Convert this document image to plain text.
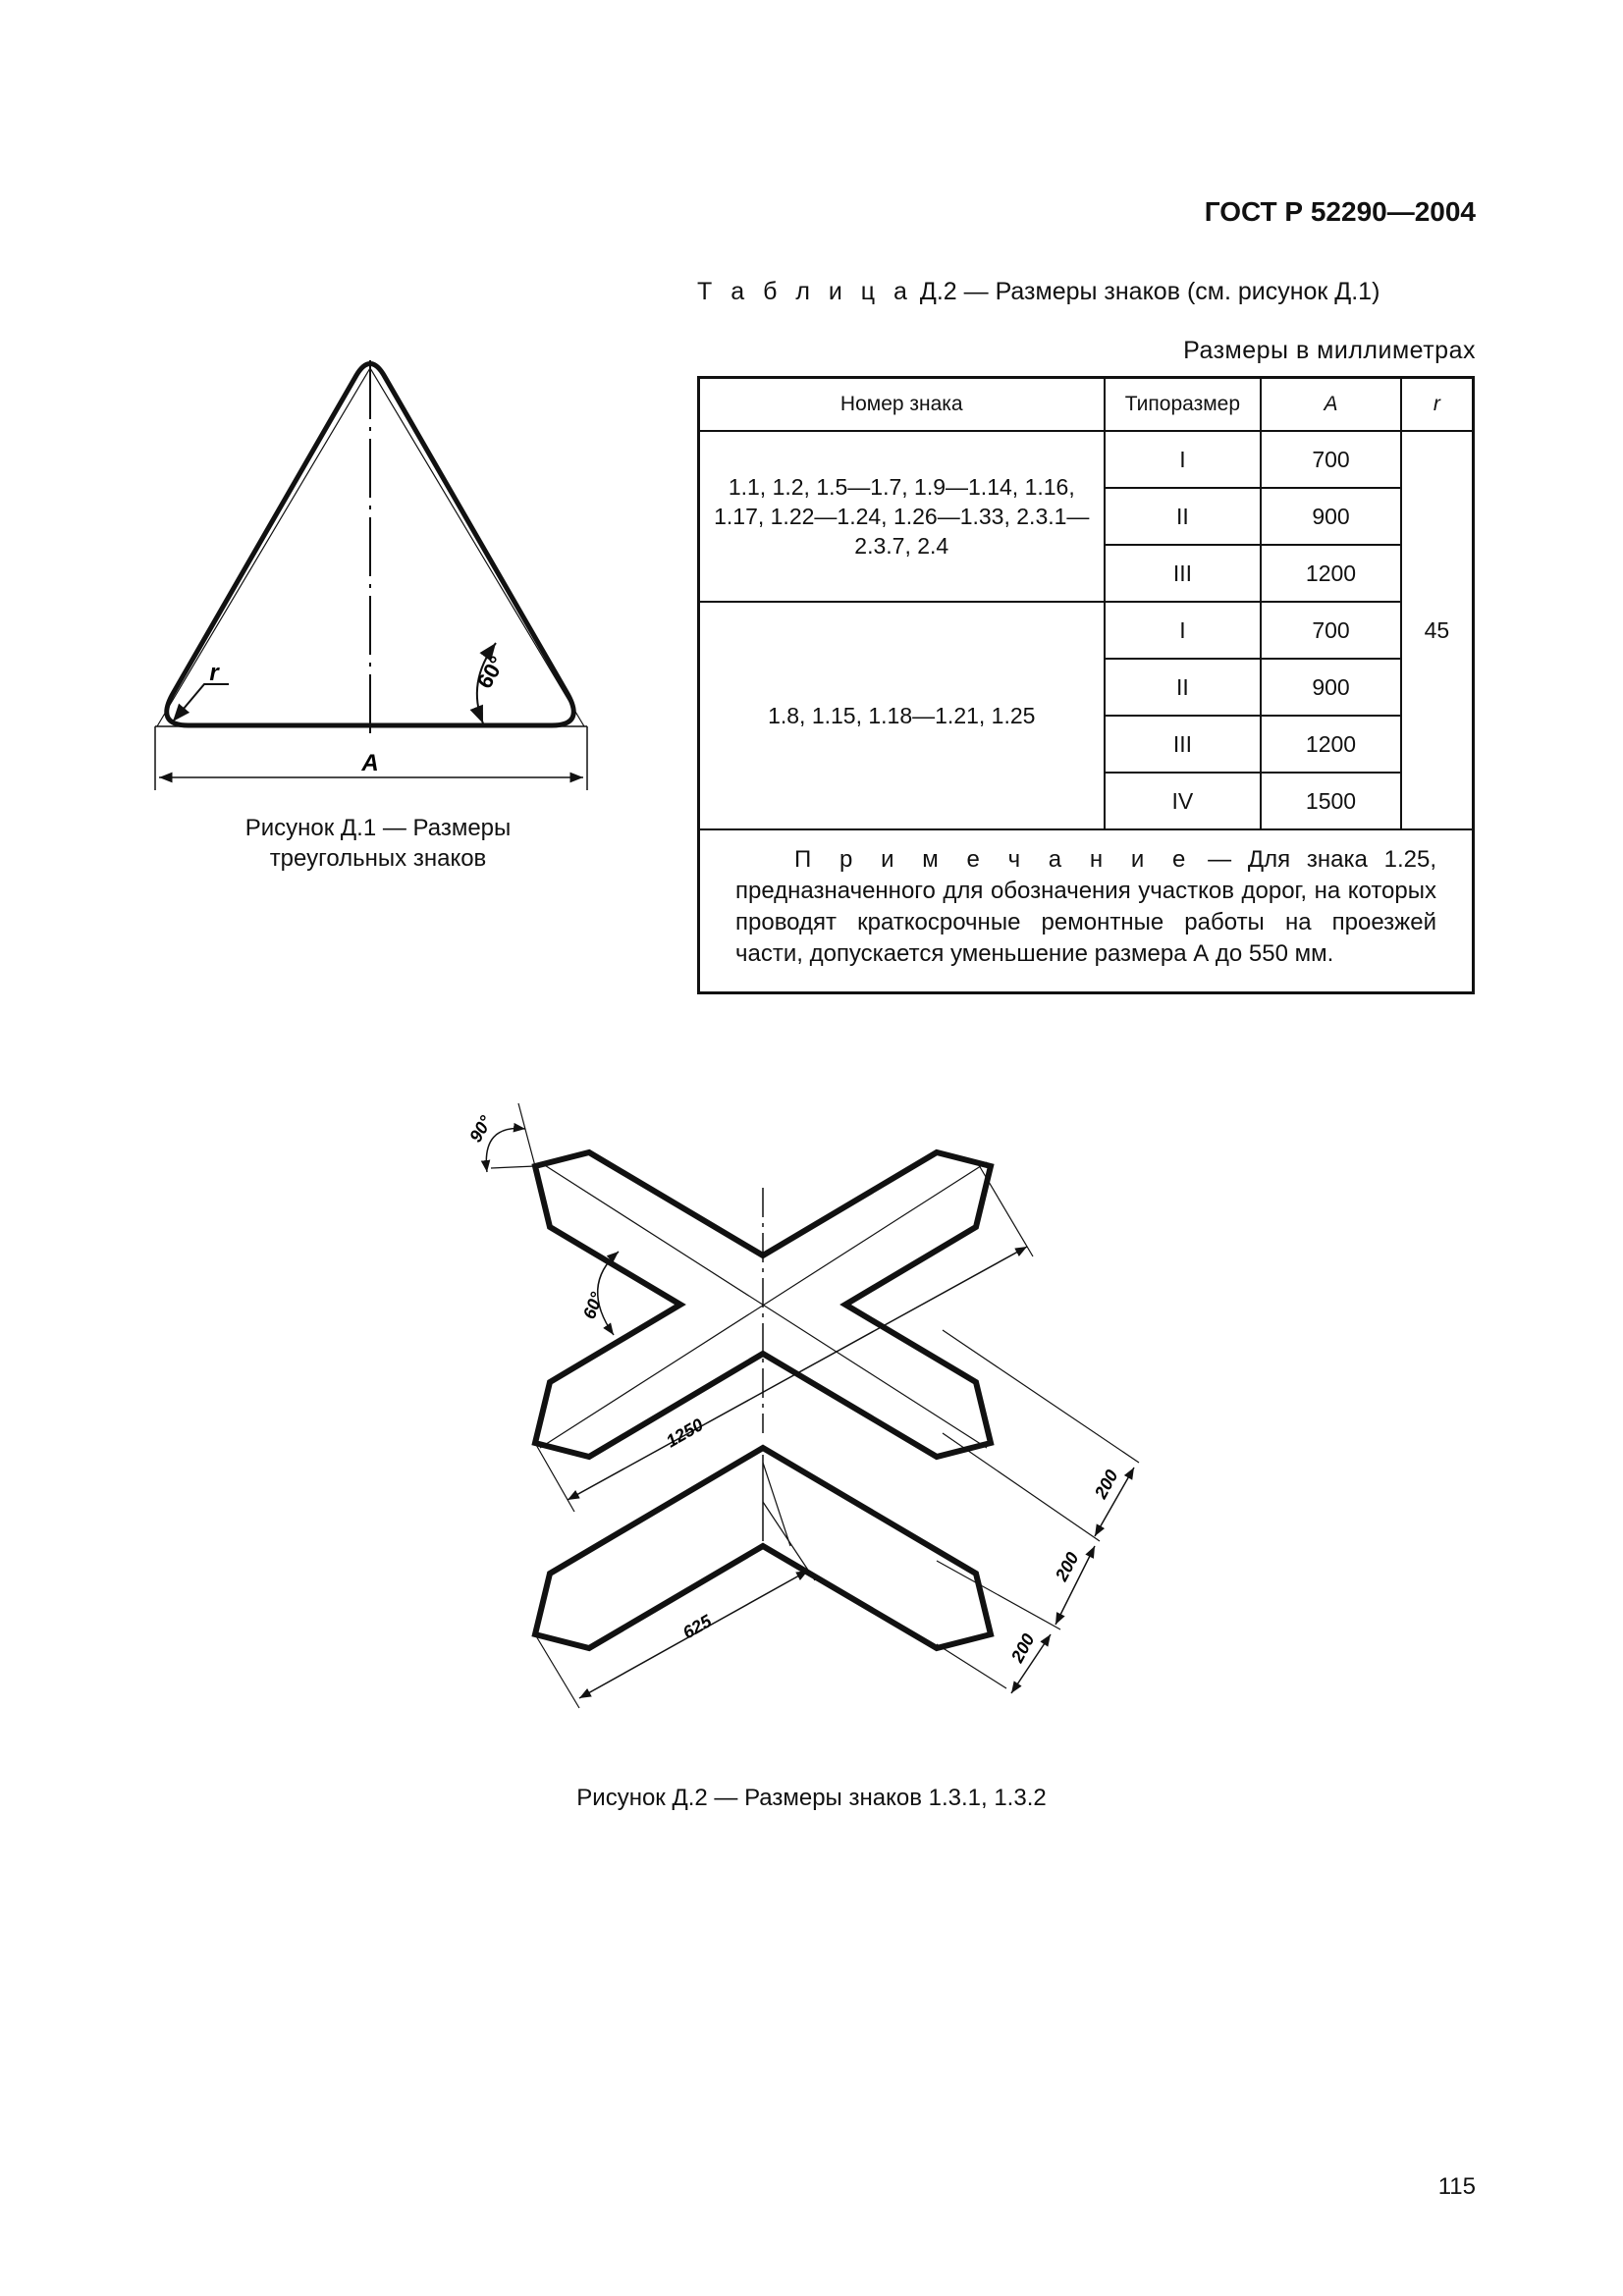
ГОСТ Р 52290—2004
Т а б л и ц а Д.2 — Размеры знаков (см. рисунок Д.1)
Размеры в миллиметрах
Номер знака	Типоразмер	A	r
1.1, 1.2, 1.5—1.7, 1.9—1.14, 1.16, 1.17, 1.22—1.24, 1.26—1.33, 2.3.1—2.3.7, 2.4	I	700	45
	II	900	
	III	1200	
1.8, 1.15, 1.18—1.21, 1.25	I	700	
	II	900	
	III	1200	
	IV	1500	
П р и м е ч а н и е — Для знака 1.25, предназначенного для обозначения участков дорог, на которых проводят краткосрочные ремонтные работы на проезжей части, допускается уменьшение размера А до 550 мм.			
A
r	60°
Рисунок Д.1 — Размеры
треугольных знаков
90°
60°
1250
625
200
200
200
Рисунок Д.2 — Размеры знаков 1.3.1, 1.3.2
115
